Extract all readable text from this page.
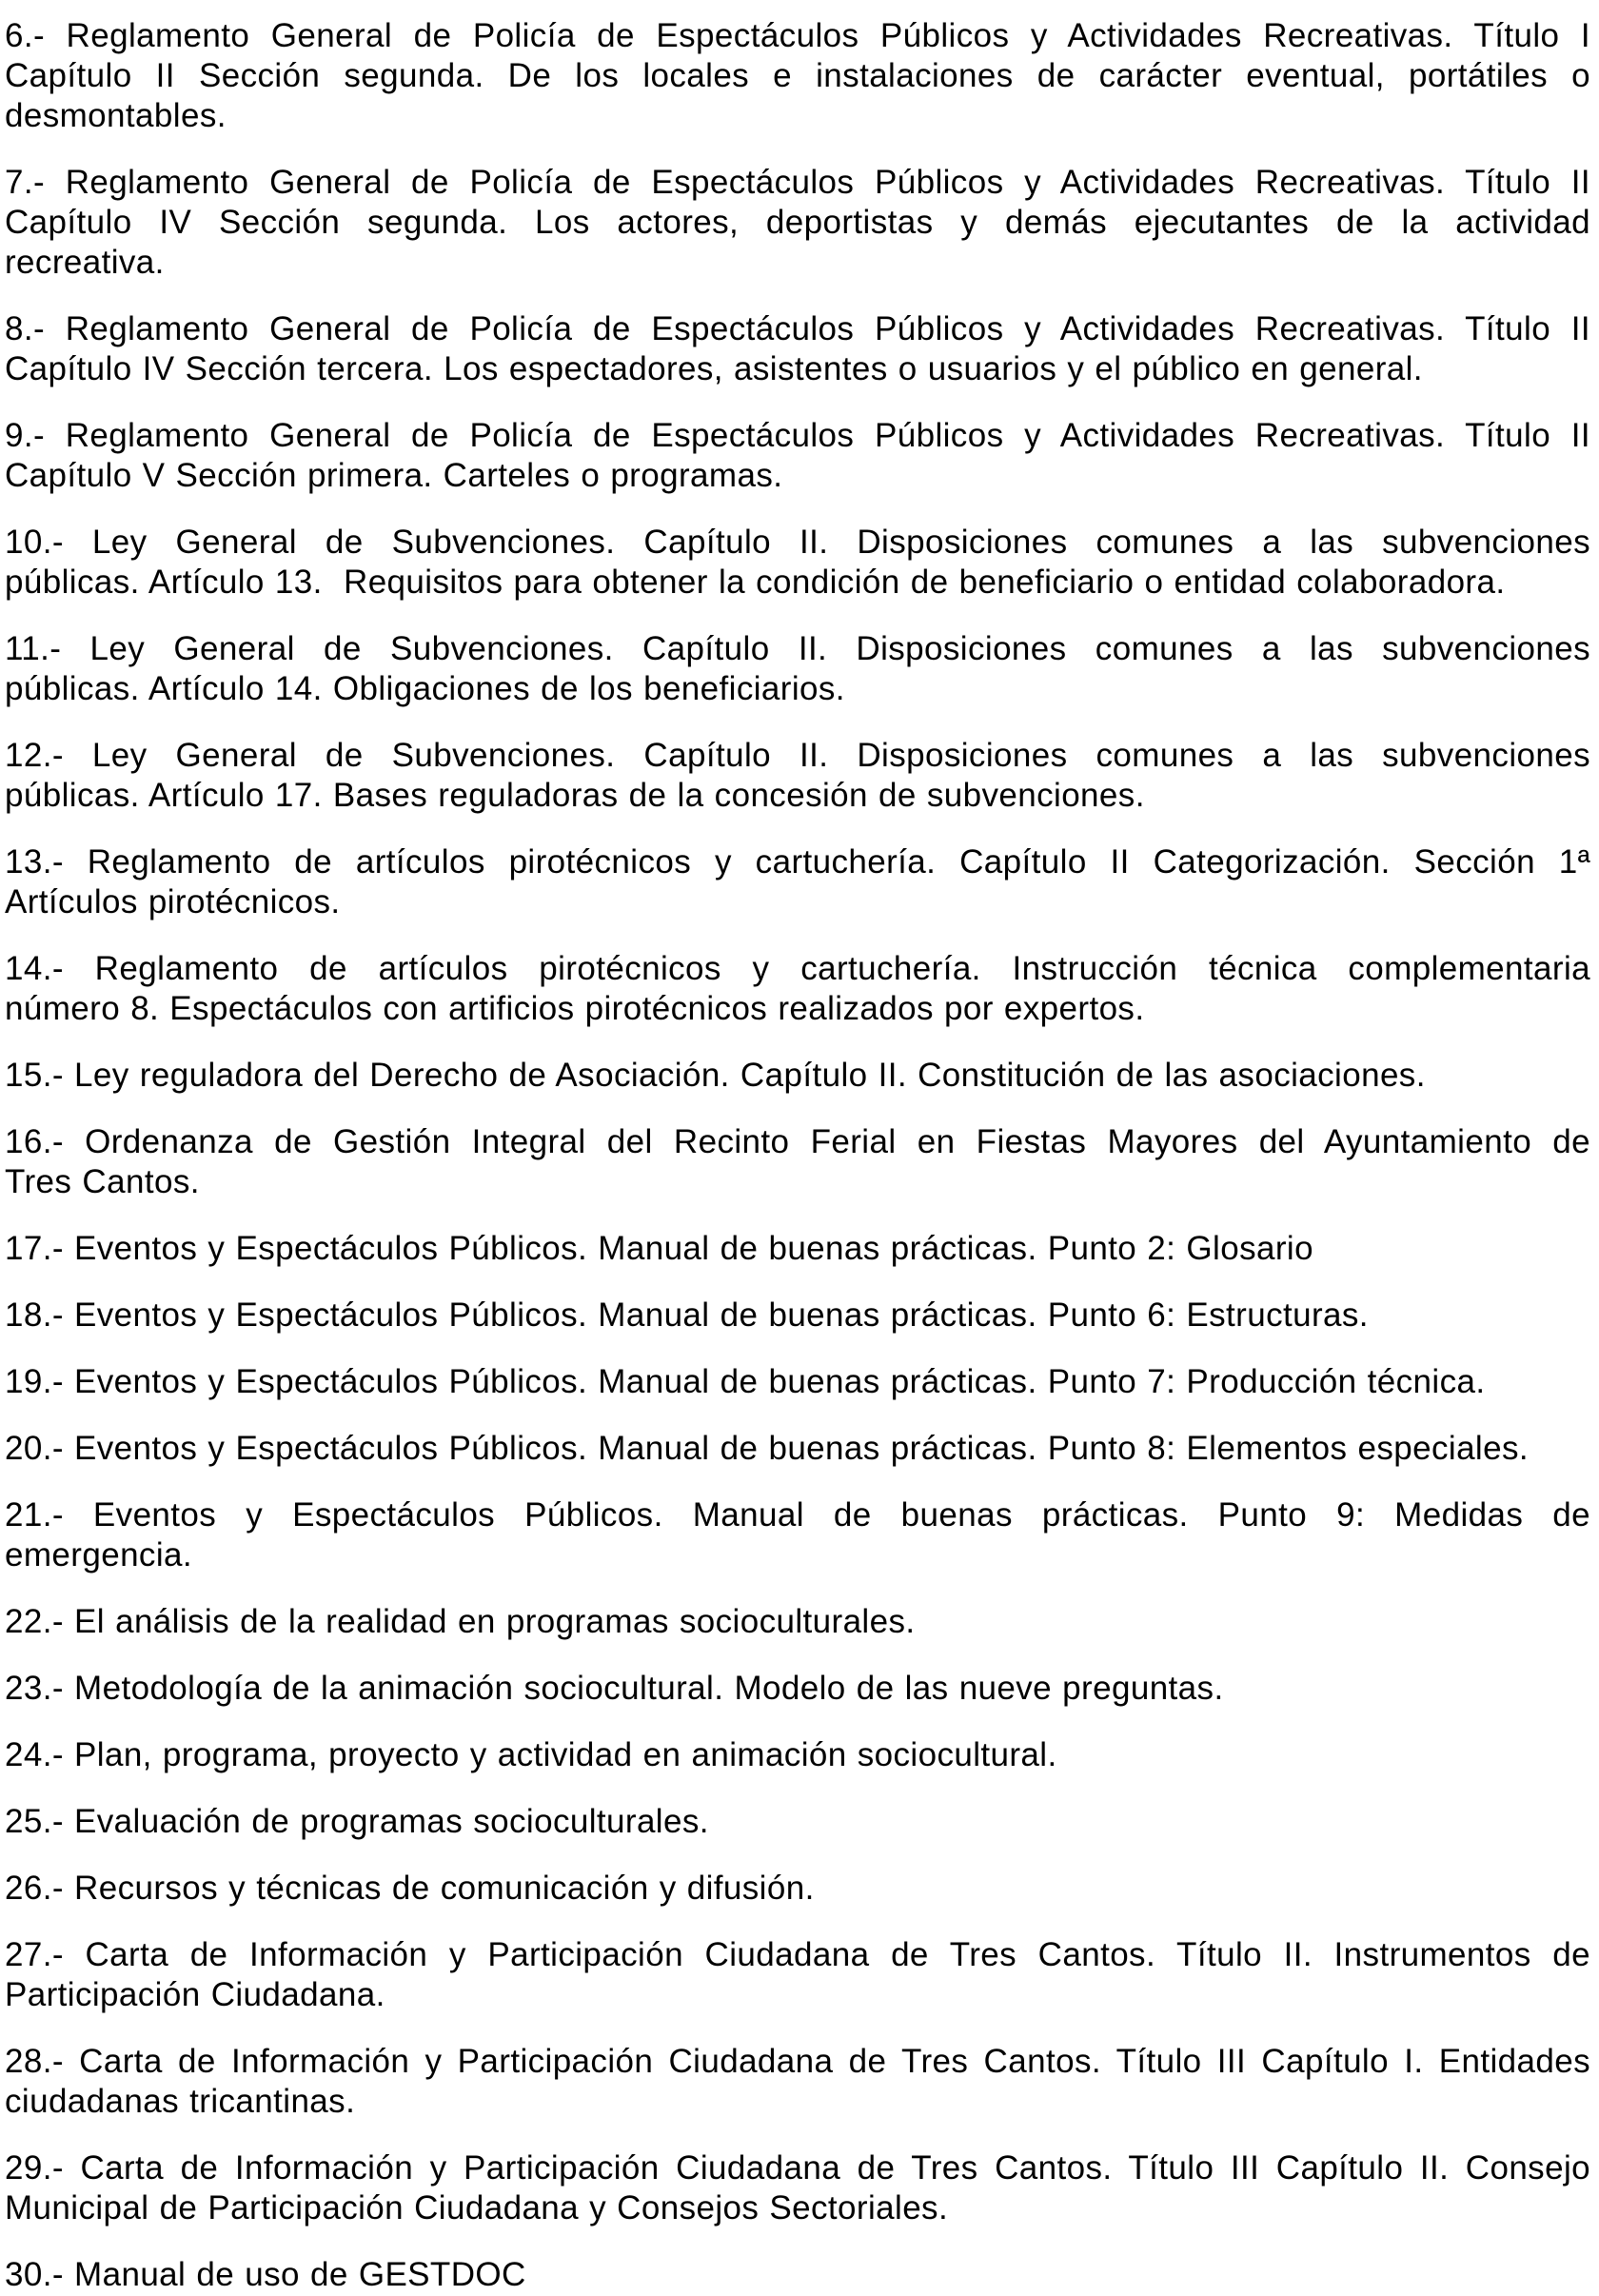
6.- Reglamento General de Policía de Espectáculos Públicos y Actividades Recreativas. Título I
Capítulo II Sección segunda. De los locales e instalaciones de carácter eventual, portátiles o
desmontables.

7.- Reglamento General de Policía de Espectáculos Públicos y Actividades Recreativas. Título II
Capítulo IV Sección segunda. Los actores, deportistas y demás ejecutantes de la actividad
recreativa.

8.- Reglamento General de Policía de Espectáculos Públicos y Actividades Recreativas. Título II
Capítulo IV Sección tercera. Los espectadores, asistentes o usuarios y el público en general.

9.- Reglamento General de Policía de Espectáculos Públicos y Actividades Recreativas. Título II
Capítulo V Sección primera. Carteles o programas.

10.- Ley General de Subvenciones. Capítulo II. Disposiciones comunes a las subvenciones
públicas. Artículo 13.  Requisitos para obtener la condición de beneficiario o entidad colaboradora.

11.- Ley General de Subvenciones. Capítulo II. Disposiciones comunes a las subvenciones
públicas. Artículo 14. Obligaciones de los beneficiarios.

12.- Ley General de Subvenciones. Capítulo II. Disposiciones comunes a las subvenciones
públicas. Artículo 17. Bases reguladoras de la concesión de subvenciones.

13.- Reglamento de artículos pirotécnicos y cartuchería. Capítulo II Categorización. Sección 1ª
Artículos pirotécnicos.

14.- Reglamento de artículos pirotécnicos y cartuchería. Instrucción técnica complementaria
número 8. Espectáculos con artificios pirotécnicos realizados por expertos.

15.- Ley reguladora del Derecho de Asociación. Capítulo II. Constitución de las asociaciones.

16.- Ordenanza de Gestión Integral del Recinto Ferial en Fiestas Mayores del Ayuntamiento de
Tres Cantos.

17.- Eventos y Espectáculos Públicos. Manual de buenas prácticas. Punto 2: Glosario

18.- Eventos y Espectáculos Públicos. Manual de buenas prácticas. Punto 6: Estructuras.

19.- Eventos y Espectáculos Públicos. Manual de buenas prácticas. Punto 7: Producción técnica.

20.- Eventos y Espectáculos Públicos. Manual de buenas prácticas. Punto 8: Elementos especiales.

21.- Eventos y Espectáculos Públicos. Manual de buenas prácticas. Punto 9: Medidas de
emergencia.

22.- El análisis de la realidad en programas socioculturales.

23.- Metodología de la animación sociocultural. Modelo de las nueve preguntas.

24.- Plan, programa, proyecto y actividad en animación sociocultural.

25.- Evaluación de programas socioculturales.

26.- Recursos y técnicas de comunicación y difusión.

27.- Carta de Información y Participación Ciudadana de Tres Cantos. Título II. Instrumentos de
Participación Ciudadana.

28.- Carta de Información y Participación Ciudadana de Tres Cantos. Título III Capítulo I. Entidades
ciudadanas tricantinas.

29.- Carta de Información y Participación Ciudadana de Tres Cantos. Título III Capítulo II. Consejo
Municipal de Participación Ciudadana y Consejos Sectoriales.

30.- Manual de uso de GESTDOC
